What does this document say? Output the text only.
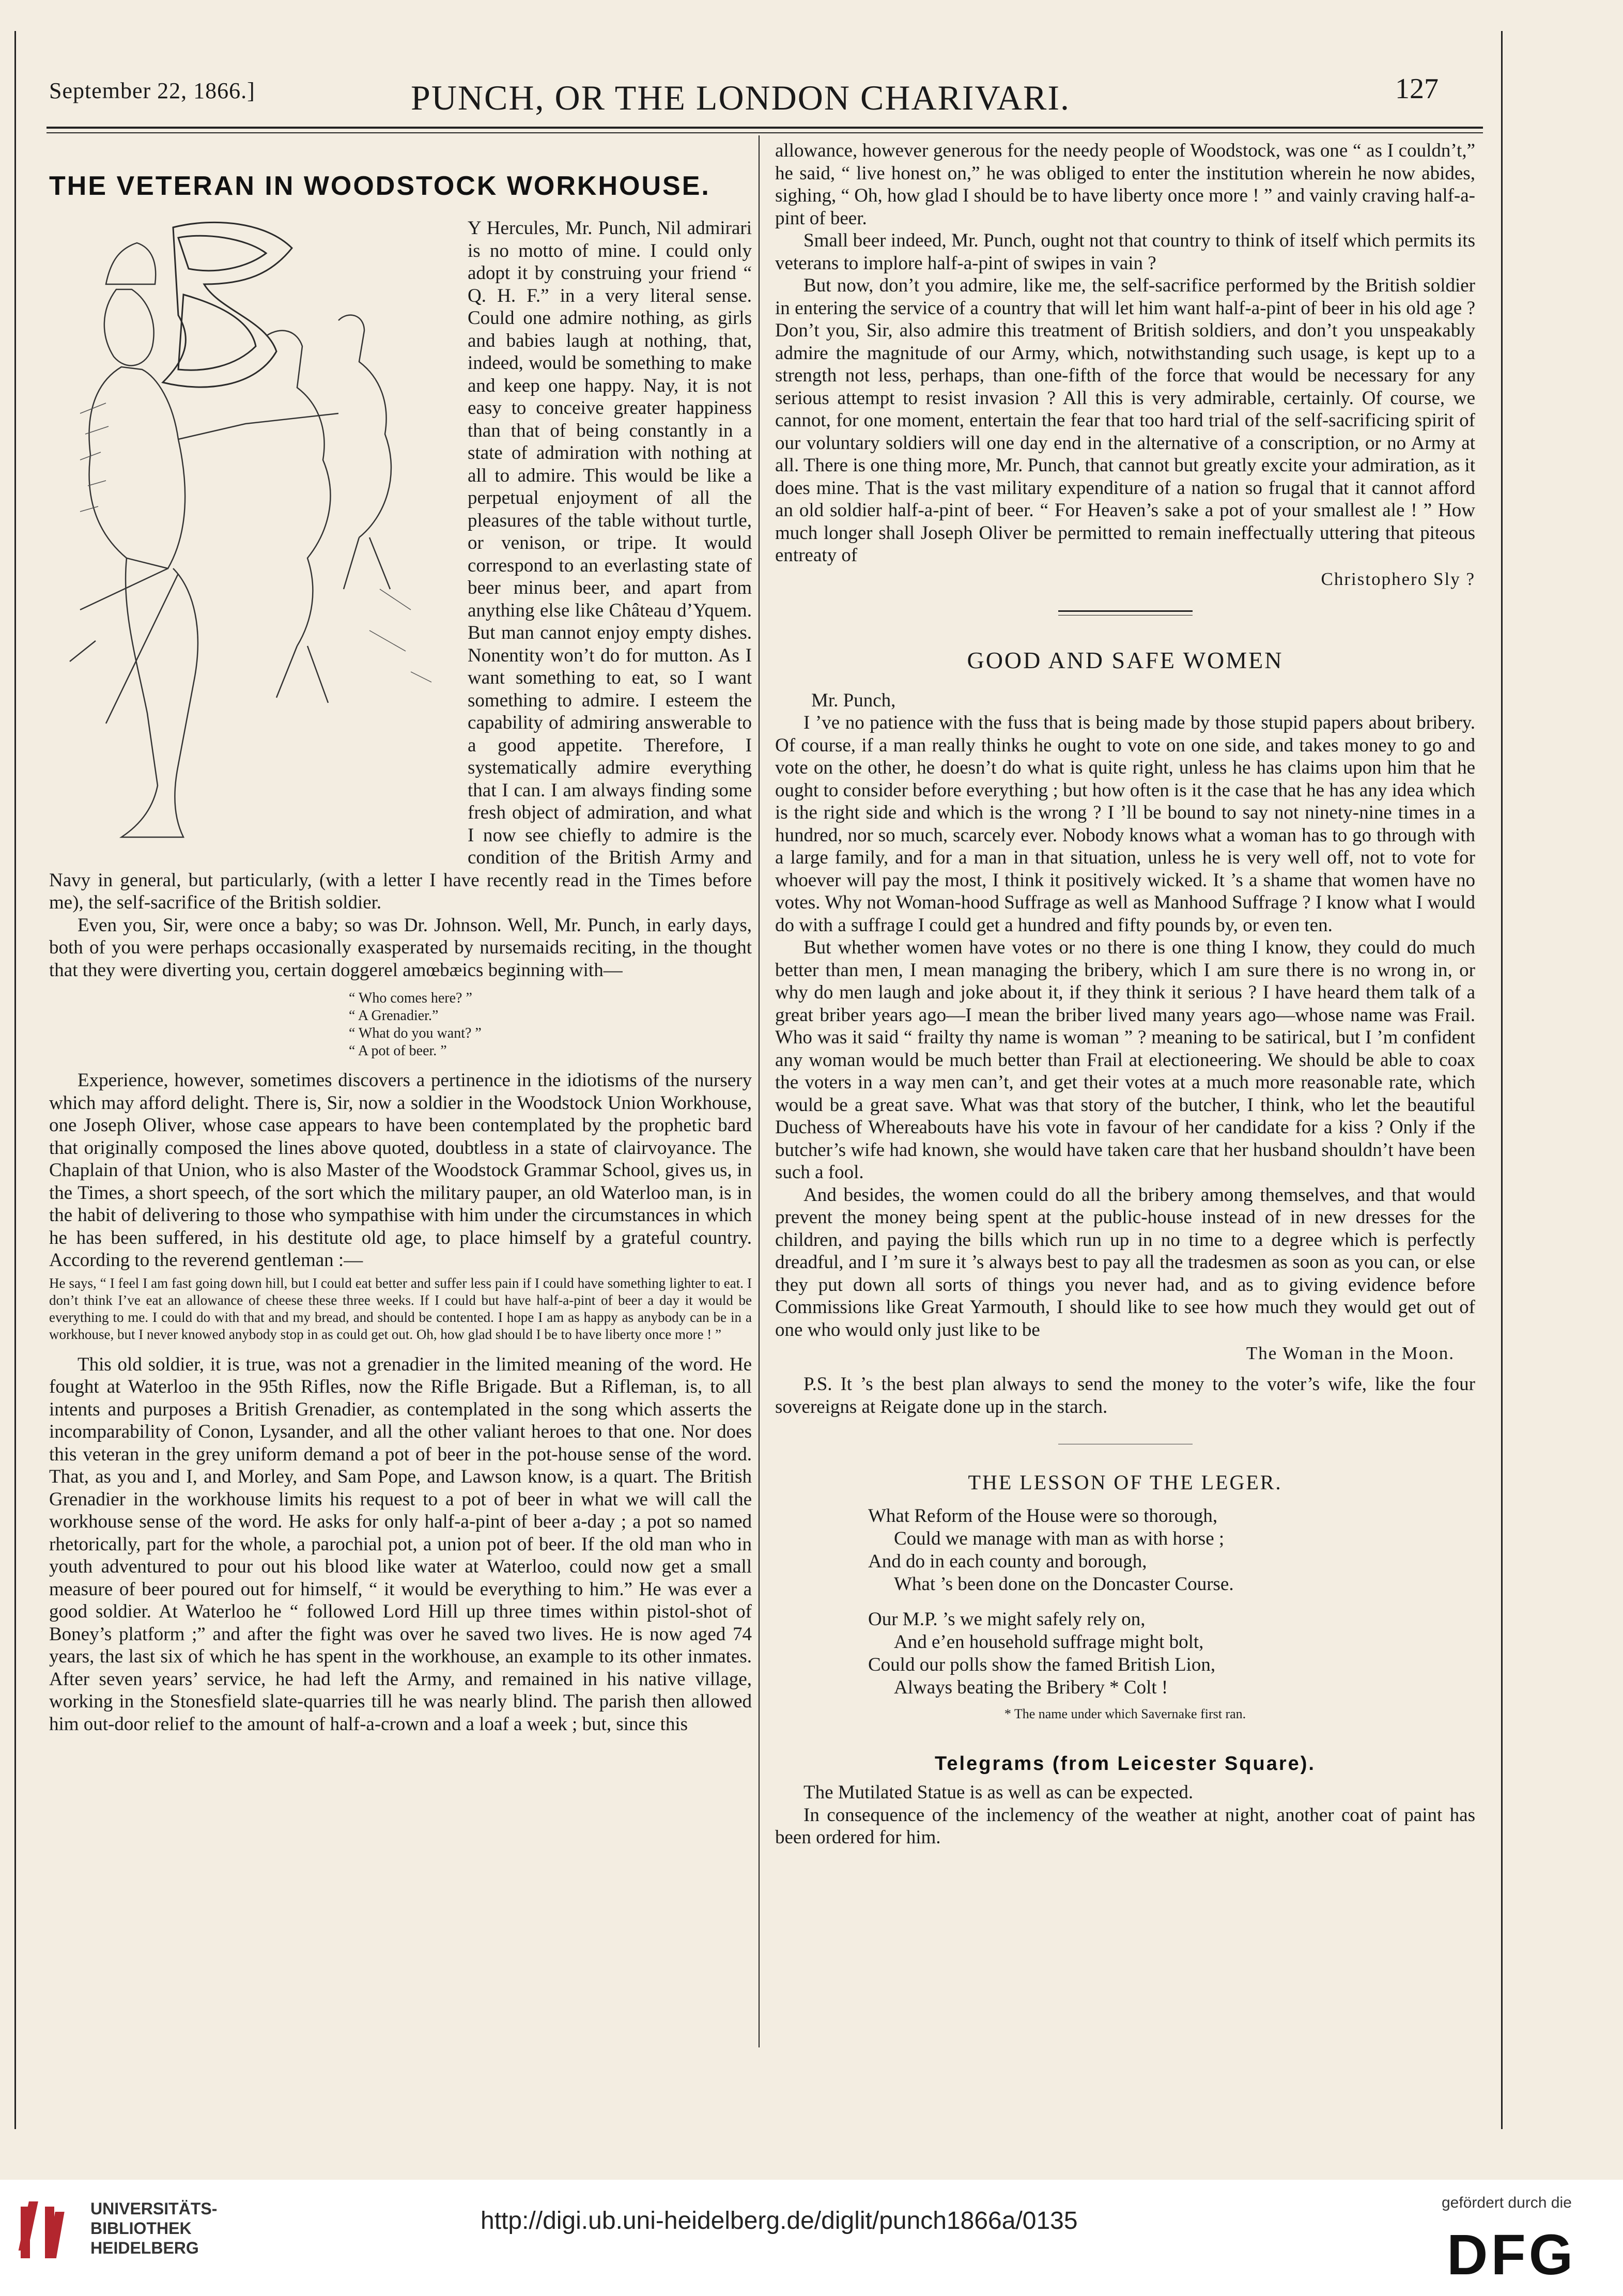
September 22, 1866.]	PUNCH, OR THE LONDON CHARIVARI.	127
THE VETERAN IN WOODSTOCK WORKHOUSE.

Y Hercules, Mr. Punch, Nil admirari is no motto of mine. I could only adopt it by construing your friend “ Q. H. F.” in a very literal sense. Could one admire nothing, as girls and babies laugh at nothing, that, indeed, would be something to make and keep one happy. Nay, it is not easy to conceive greater happiness than that of being constantly in a state of admiration with nothing at all to admire. This would be like a perpetual enjoyment of all the pleasures of the table without turtle, or venison, or tripe. It would correspond to an everlasting state of beer minus beer, and apart from anything else like Château d’Yquem. But man cannot enjoy empty dishes. Nonentity won’t do for mutton. As I want something to eat, so I want something to admire. I esteem the capability of admiring answerable to a good appetite. Therefore, I systematically admire everything that I can. I am always finding some fresh object of admiration, and what I now see chiefly to admire is the condition of the British Army and Navy in general, but particularly, (with a letter I have recently read in the Times before me), the self-sacrifice of the British soldier.

Even you, Sir, were once a baby; so was Dr. Johnson. Well, Mr. Punch, in early days, both of you were perhaps occasionally exasperated by nursemaids reciting, in the thought that they were diverting you, certain doggerel amœbæics beginning with—

“ Who comes here? ”
“ A Grenadier.”
“ What do you want? ”
“ A pot of beer. ”

Experience, however, sometimes discovers a pertinence in the idiotisms of the nursery which may afford delight. There is, Sir, now a soldier in the Woodstock Union Workhouse, one Joseph Oliver, whose case appears to have been contemplated by the prophetic bard that originally composed the lines above quoted, doubtless in a state of clairvoyance. The Chaplain of that Union, who is also Master of the Woodstock Grammar School, gives us, in the Times, a short speech, of the sort which the military pauper, an old Waterloo man, is in the habit of delivering to those who sympathise with him under the circumstances in which he has been suffered, in his destitute old age, to place himself by a grateful country. According to the reverend gentleman :—

He says, “ I feel I am fast going down hill, but I could eat better and suffer less pain if I could have something lighter to eat. I don’t think I’ve eat an allowance of cheese these three weeks. If I could but have half-a-pint of beer a day it would be everything to me. I could do with that and my bread, and should be contented. I hope I am as happy as anybody can be in a workhouse, but I never knowed anybody stop in as could get out. Oh, how glad should I be to have liberty once more ! ”

This old soldier, it is true, was not a grenadier in the limited meaning of the word. He fought at Waterloo in the 95th Rifles, now the Rifle Brigade. But a Rifleman, is, to all intents and purposes a British Grenadier, as contemplated in the song which asserts the incomparability of Conon, Lysander, and all the other valiant heroes to that one. Nor does this veteran in the grey uniform demand a pot of beer in the pot-house sense of the word. That, as you and I, and Morley, and Sam Pope, and Lawson know, is a quart. The British Grenadier in the workhouse limits his request to a pot of beer in what we will call the workhouse sense of the word. He asks for only half-a-pint of beer a-day ; a pot so named rhetorically, part for the whole, a parochial pot, a union pot of beer. If the old man who in youth adventured to pour out his blood like water at Waterloo, could now get a small measure of beer poured out for himself, “ it would be everything to him.” He was ever a good soldier. At Waterloo he “ followed Lord Hill up three times within pistol-shot of Boney’s platform ;” and after the fight was over he saved two lives. He is now aged 74 years, the last six of which he has spent in the workhouse, an example to its other inmates. After seven years’ service, he had left the Army, and remained in his native village, working in the Stonesfield slate-quarries till he was nearly blind. The parish then allowed him out-door relief to the amount of half-a-crown and a loaf a week ; but, since this

allowance, however generous for the needy people of Woodstock, was one “ as I couldn’t,” he said, “ live honest on,” he was obliged to enter the institution wherein he now abides, sighing, “ Oh, how glad I should be to have liberty once more ! ” and vainly craving half-a-pint of beer.

Small beer indeed, Mr. Punch, ought not that country to think of itself which permits its veterans to implore half-a-pint of swipes in vain ?

But now, don’t you admire, like me, the self-sacrifice performed by the British soldier in entering the service of a country that will let him want half-a-pint of beer in his old age ? Don’t you, Sir, also admire this treatment of British soldiers, and don’t you unspeakably admire the magnitude of our Army, which, notwithstanding such usage, is kept up to a strength not less, perhaps, than one-fifth of the force that would be necessary for any serious attempt to resist invasion ? All this is very admirable, certainly. Of course, we cannot, for one moment, entertain the fear that too hard trial of the self-sacrificing spirit of our voluntary soldiers will one day end in the alternative of a conscription, or no Army at all. There is one thing more, Mr. Punch, that cannot but greatly excite your admiration, as it does mine. That is the vast military expenditure of a nation so frugal that it cannot afford an old soldier half-a-pint of beer. “ For Heaven’s sake a pot of your smallest ale ! ” How much longer shall Joseph Oliver be permitted to remain ineffectually uttering that piteous entreaty of

Christophero Sly ?
GOOD AND SAFE WOMEN

Mr. Punch,

I ’ve no patience with the fuss that is being made by those stupid papers about bribery. Of course, if a man really thinks he ought to vote on one side, and takes money to go and vote on the other, he doesn’t do what is quite right, unless he has claims upon him that he ought to consider before everything ; but how often is it the case that he has any idea which is the right side and which is the wrong ? I ’ll be bound to say not ninety-nine times in a hundred, nor so much, scarcely ever. Nobody knows what a woman has to go through with a large family, and for a man in that situation, unless he is very well off, not to vote for whoever will pay the most, I think it positively wicked. It ’s a shame that women have no votes. Why not Woman-hood Suffrage as well as Manhood Suffrage ? I know what I would do with a suffrage I could get a hundred and fifty pounds by, or even ten.

But whether women have votes or no there is one thing I know, they could do much better than men, I mean managing the bribery, which I am sure there is no wrong in, or why do men laugh and joke about it, if they think it serious ? I have heard them talk of a great briber years ago—I mean the briber lived many years ago—whose name was Frail. Who was it said “ frailty thy name is woman ” ? meaning to be satirical, but I ’m confident any woman would be much better than Frail at electioneering. We should be able to coax the voters in a way men can’t, and get their votes at a much more reasonable rate, which would be a great save. What was that story of the butcher, I think, who let the beautiful Duchess of Whereabouts have his vote in favour of her candidate for a kiss ? Only if the butcher’s wife had known, she would have taken care that her husband shouldn’t have been such a fool.

And besides, the women could do all the bribery among themselves, and that would prevent the money being spent at the public-house instead of in new dresses for the children, and paying the bills which run up in no time to a degree which is perfectly dreadful, and I ’m sure it ’s always best to pay all the tradesmen as soon as you can, or else they put down all sorts of things you never had, and as to giving evidence before Commissions like Great Yarmouth, I should like to see how much they would get out of one who would only just like to be

The Woman in the Moon.

P.S. It ’s the best plan always to send the money to the voter’s wife, like the four sovereigns at Reigate done up in the starch.

THE LESSON OF THE LEGER.
What Reform of the House were so thorough,
Could we manage with man as with horse ;
And do in each county and borough,
What ’s been done on the Doncaster Course.
Our M.P. ’s we might safely rely on,
And e’en household suffrage might bolt,
Could our polls show the famed British Lion,
Always beating the Bribery * Colt !
* The name under which Savernake first ran.
Telegrams (from Leicester Square).

The Mutilated Statue is as well as can be expected.

In consequence of the inclemency of the weather at night, another coat of paint has been ordered for him.

UNIVERSITÄTS-
BIBLIOTHEK
HEIDELBERG
http://digi.ub.uni-heidelberg.de/diglit/punch1866a/0135
gefördert durch die
DFG
